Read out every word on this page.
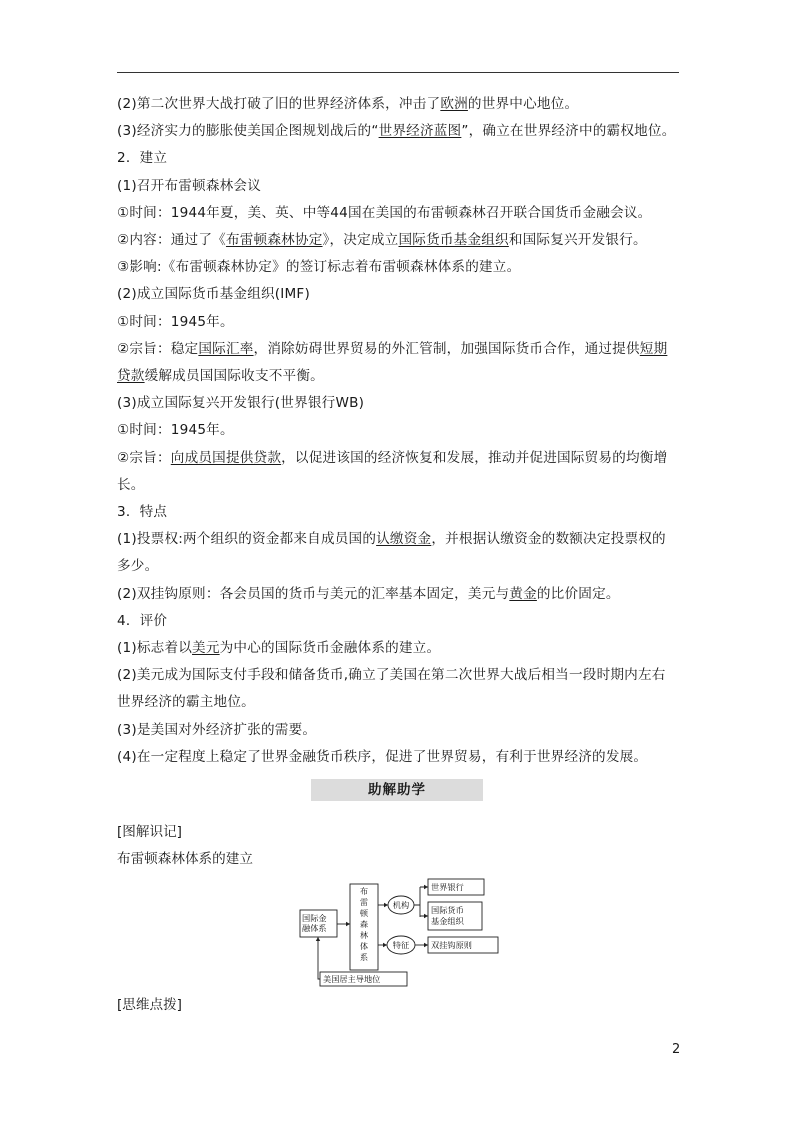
(2)第二次世界大战打破了旧的世界经济体系，冲击了欧洲的世界中心地位。
(3)经济实力的膨胀使美国企图规划战后的“世界经济蓝图”，确立在世界经济中的霸权地位。
2．建立
(1)召开布雷顿森林会议
①时间：1944年夏，美、英、中等44国在美国的布雷顿森林召开联合国货币金融会议。
②内容：通过了《布雷顿森林协定》，决定成立国际货币基金组织和国际复兴开发银行。
③影响:《布雷顿森林协定》的签订标志着布雷顿森林体系的建立。
(2)成立国际货币基金组织(IMF)
①时间：1945年。
②宗旨：稳定国际汇率，消除妨碍世界贸易的外汇管制，加强国际货币合作，通过提供短期
贷款缓解成员国国际收支不平衡。
(3)成立国际复兴开发银行(世界银行WB)
①时间：1945年。
②宗旨：向成员国提供贷款，以促进该国的经济恢复和发展，推动并促进国际贸易的均衡增
长。
3．特点
(1)投票权:两个组织的资金都来自成员国的认缴资金，并根据认缴资金的数额决定投票权的
多少。
(2)双挂钩原则：各会员国的货币与美元的汇率基本固定，美元与黄金的比价固定。
4．评价
(1)标志着以美元为中心的国际货币金融体系的建立。
(2)美元成为国际支付手段和储备货币,确立了美国在第二次世界大战后相当一段时期内左右
世界经济的霸主地位。
(3)是美国对外经济扩张的需要。
(4)在一定程度上稳定了世界金融货币秩序，促进了世界贸易，有利于世界经济的发展。
助解助学
[图解识记]
布雷顿森林体系的建立
国际金
融体系
布雷顿森林体系
机构
特征
世界银行
国际货币
基金组织
双挂钩原则
美国居主导地位
[思维点拨]
2
